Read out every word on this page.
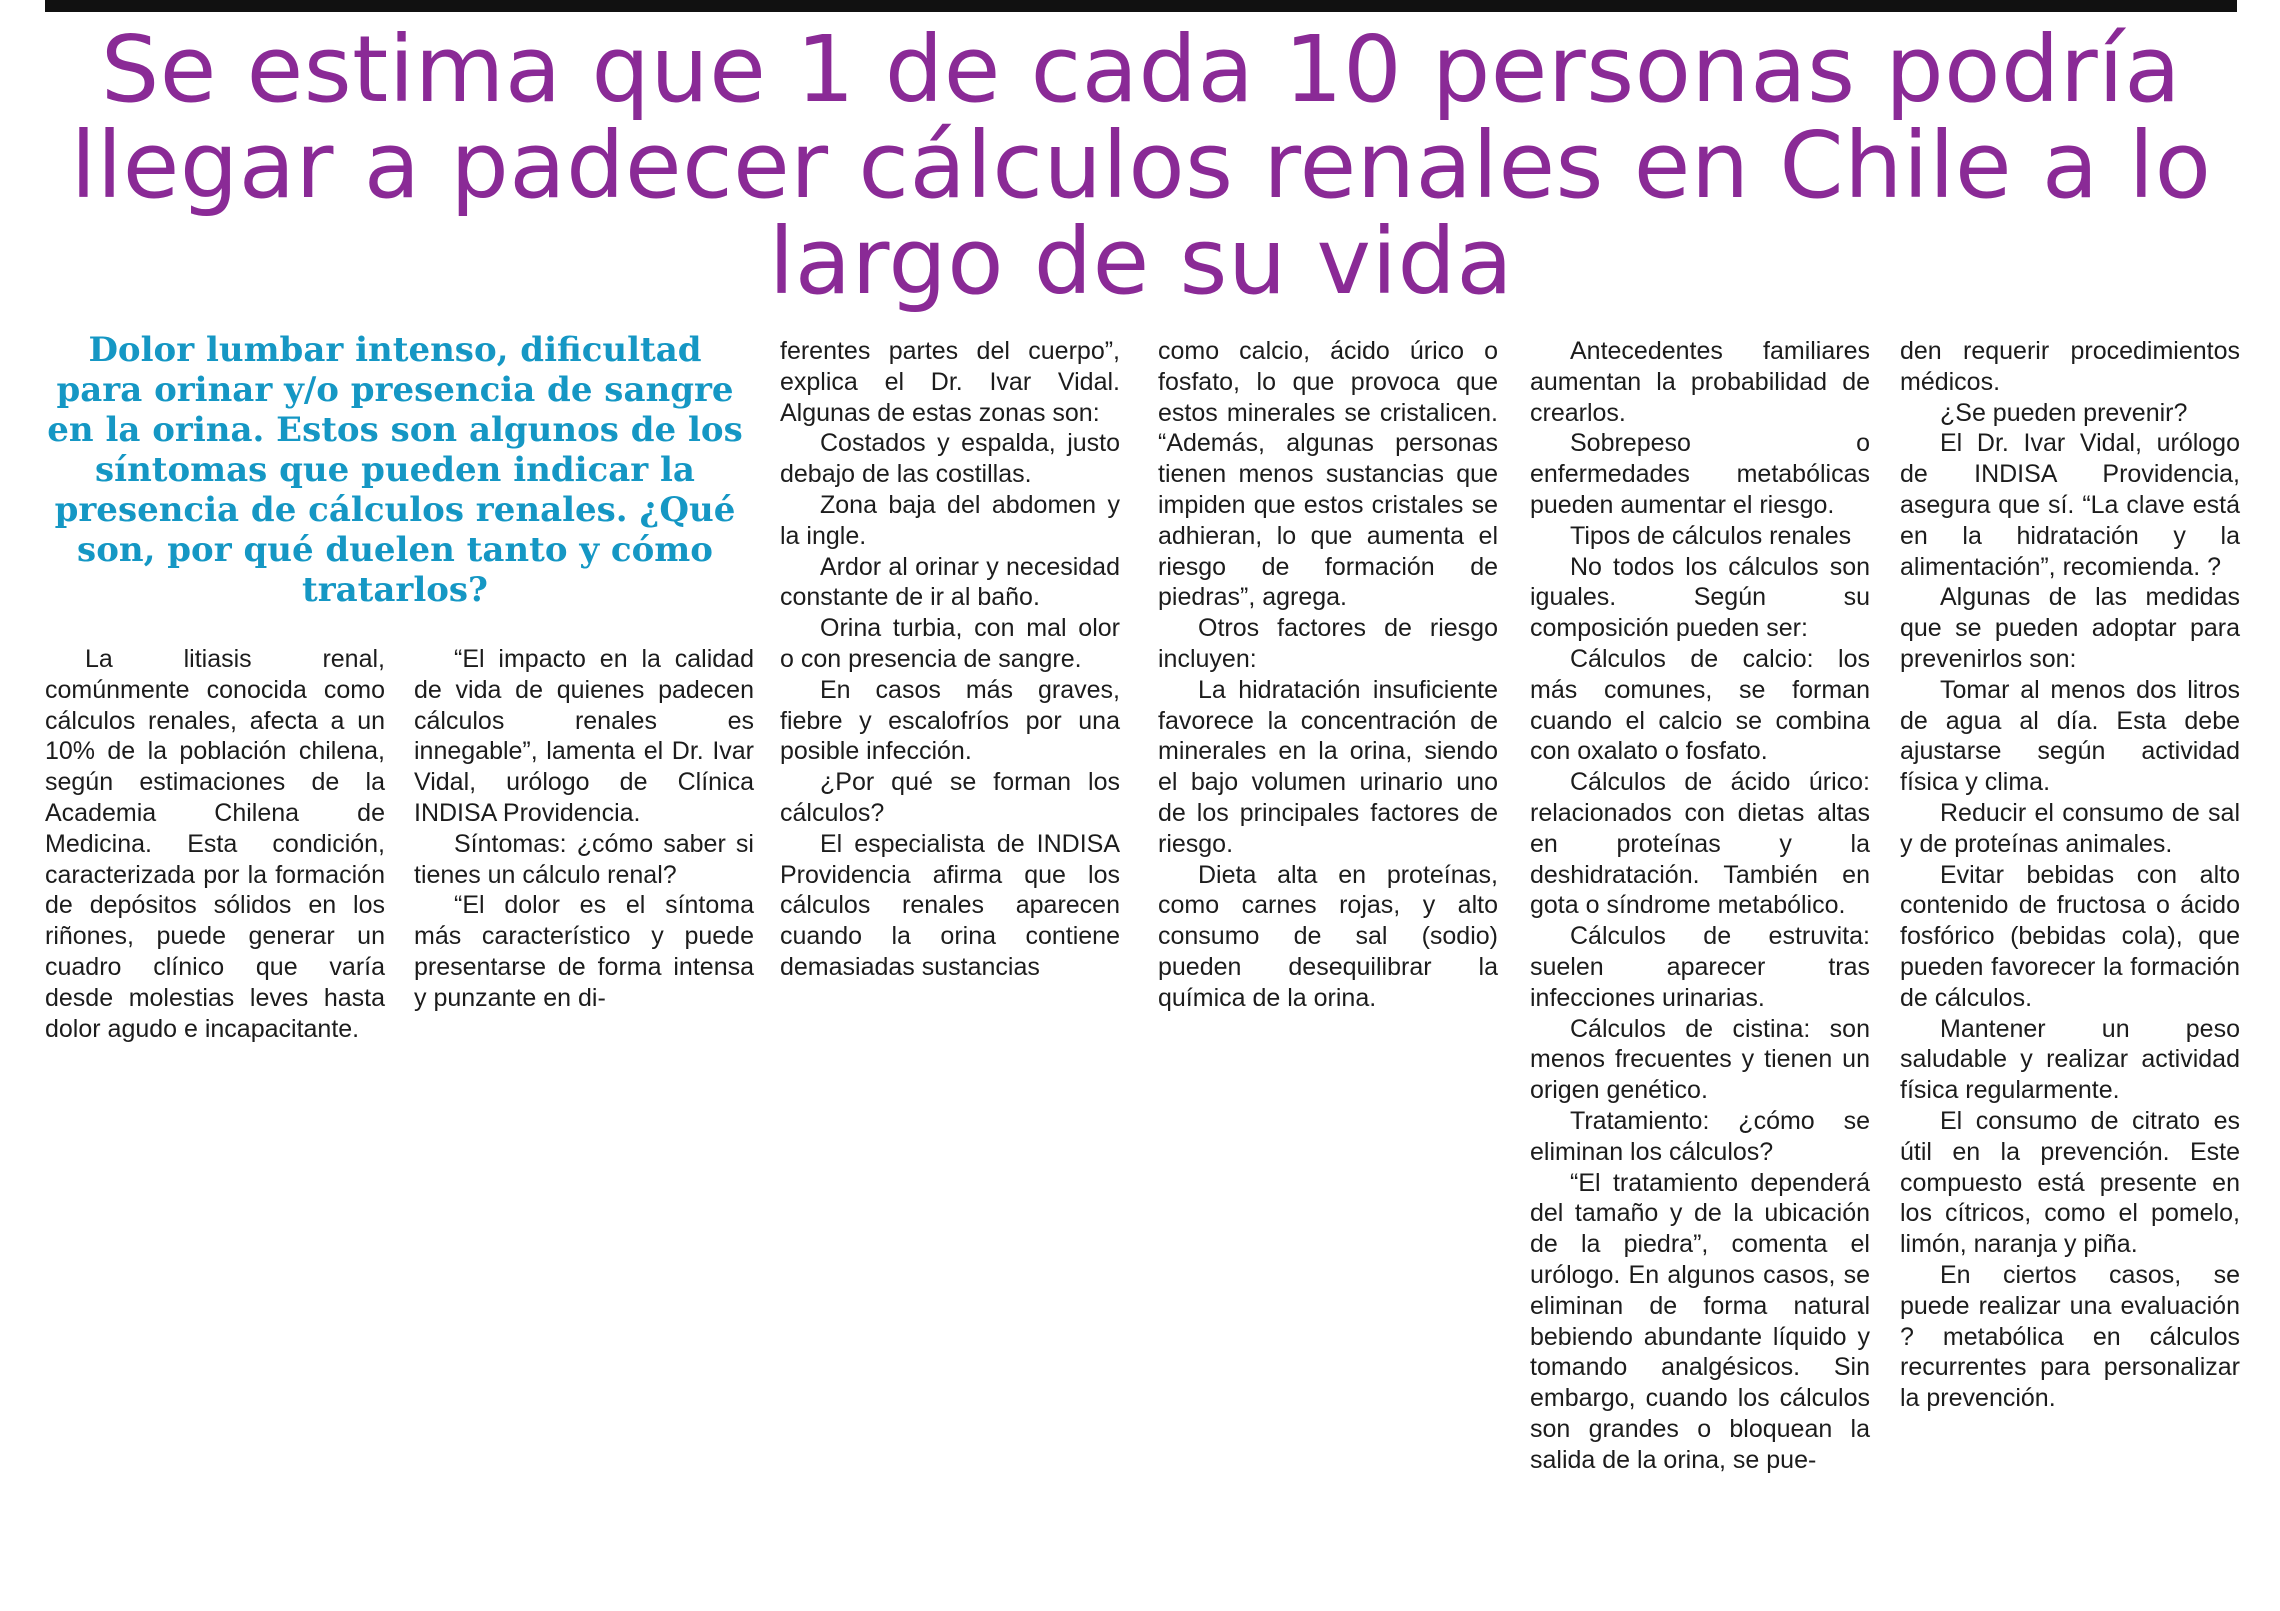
Se estima que 1 de cada 10 personas podría llegar a padecer cálculos renales en Chile a lo largo de su vida
Dolor lumbar intenso, dificultad para orinar y/o presencia de sangre en la orina. Estos son algunos de los síntomas que pueden indicar la presencia de cálculos renales. ¿Qué son, por qué duelen tanto y cómo tratarlos?

La litiasis renal, comúnmente conocida como cálculos renales, afecta a un 10% de la población chilena, según estimaciones de la Academia Chilena de Medicina. Esta condición, caracterizada por la formación de depósitos sólidos en los riñones, puede generar un cuadro clínico que varía desde molestias leves hasta dolor agudo e incapacitante.

“El impacto en la calidad de vida de quienes padecen cálculos renales es innegable”, lamenta el Dr. Ivar Vidal, urólogo de Clínica INDISA Providencia.

Síntomas: ¿cómo saber si tienes un cálculo renal?

“El dolor es el síntoma más característico y puede presentarse de forma intensa y punzante en di-

ferentes partes del cuerpo”, explica el Dr. Ivar Vidal. Algunas de estas zonas son:

Costados y espalda, justo debajo de las costillas.

Zona baja del abdomen y la ingle.

Ardor al orinar y necesidad constante de ir al baño.

Orina turbia, con mal olor o con presencia de sangre.

En casos más graves, fiebre y escalofríos por una posible infección.

¿Por qué se forman los cálculos?

El especialista de INDISA Providencia afirma que los cálculos renales aparecen cuando la orina contiene demasiadas sustancias

como calcio, ácido úrico o fosfato, lo que provoca que estos minerales se cristalicen. “Además, algunas personas tienen menos sustancias que impiden que estos cristales se adhieran, lo que aumenta el riesgo de formación de piedras”, agrega.

Otros factores de riesgo incluyen:

La hidratación insuficiente favorece la concentración de minerales en la orina, siendo el bajo volumen urinario uno de los principales factores de riesgo.

Dieta alta en proteínas, como carnes rojas, y alto consumo de sal (sodio) pueden desequilibrar la química de la orina.

Antecedentes familiares aumentan la probabilidad de crearlos.

Sobrepeso o enfermedades metabólicas pueden aumentar el riesgo.

Tipos de cálculos renales

No todos los cálculos son iguales. Según su composición pueden ser:

Cálculos de calcio: los más comunes, se forman cuando el calcio se combina con oxalato o fosfato.

Cálculos de ácido úrico: relacionados con dietas altas en proteínas y la deshidratación. También en gota o síndrome metabólico.

Cálculos de estruvita: suelen aparecer tras infecciones urinarias.

Cálculos de cistina: son menos frecuentes y tienen un origen genético.

Tratamiento: ¿cómo se eliminan los cálculos?

“El tratamiento dependerá del tamaño y de la ubicación de la piedra”, comenta el urólogo. En algunos casos, se eliminan de forma natural bebiendo abundante líquido y tomando analgésicos. Sin embargo, cuando los cálculos son grandes o bloquean la salida de la orina, se pue-

den requerir procedimientos médicos.

¿Se pueden prevenir?

El Dr. Ivar Vidal, urólogo de INDISA Providencia, asegura que sí. “La clave está en la hidratación y la alimentación”, recomienda. ?

Algunas de las medidas que se pueden adoptar para prevenirlos son:

Tomar al menos dos litros de agua al día. Esta debe ajustarse según actividad física y clima.

Reducir el consumo de sal y de proteínas animales.

Evitar bebidas con alto contenido de fructosa o ácido fosfórico (bebidas cola), que pueden favorecer la formación de cálculos.

Mantener un peso saludable y realizar actividad física regularmente.

El consumo de citrato es útil en la prevención. Este compuesto está presente en los cítricos, como el pomelo, limón, naranja y piña.

En ciertos casos, se puede realizar una evaluación ? metabólica en cálculos recurrentes para personalizar la prevención.
